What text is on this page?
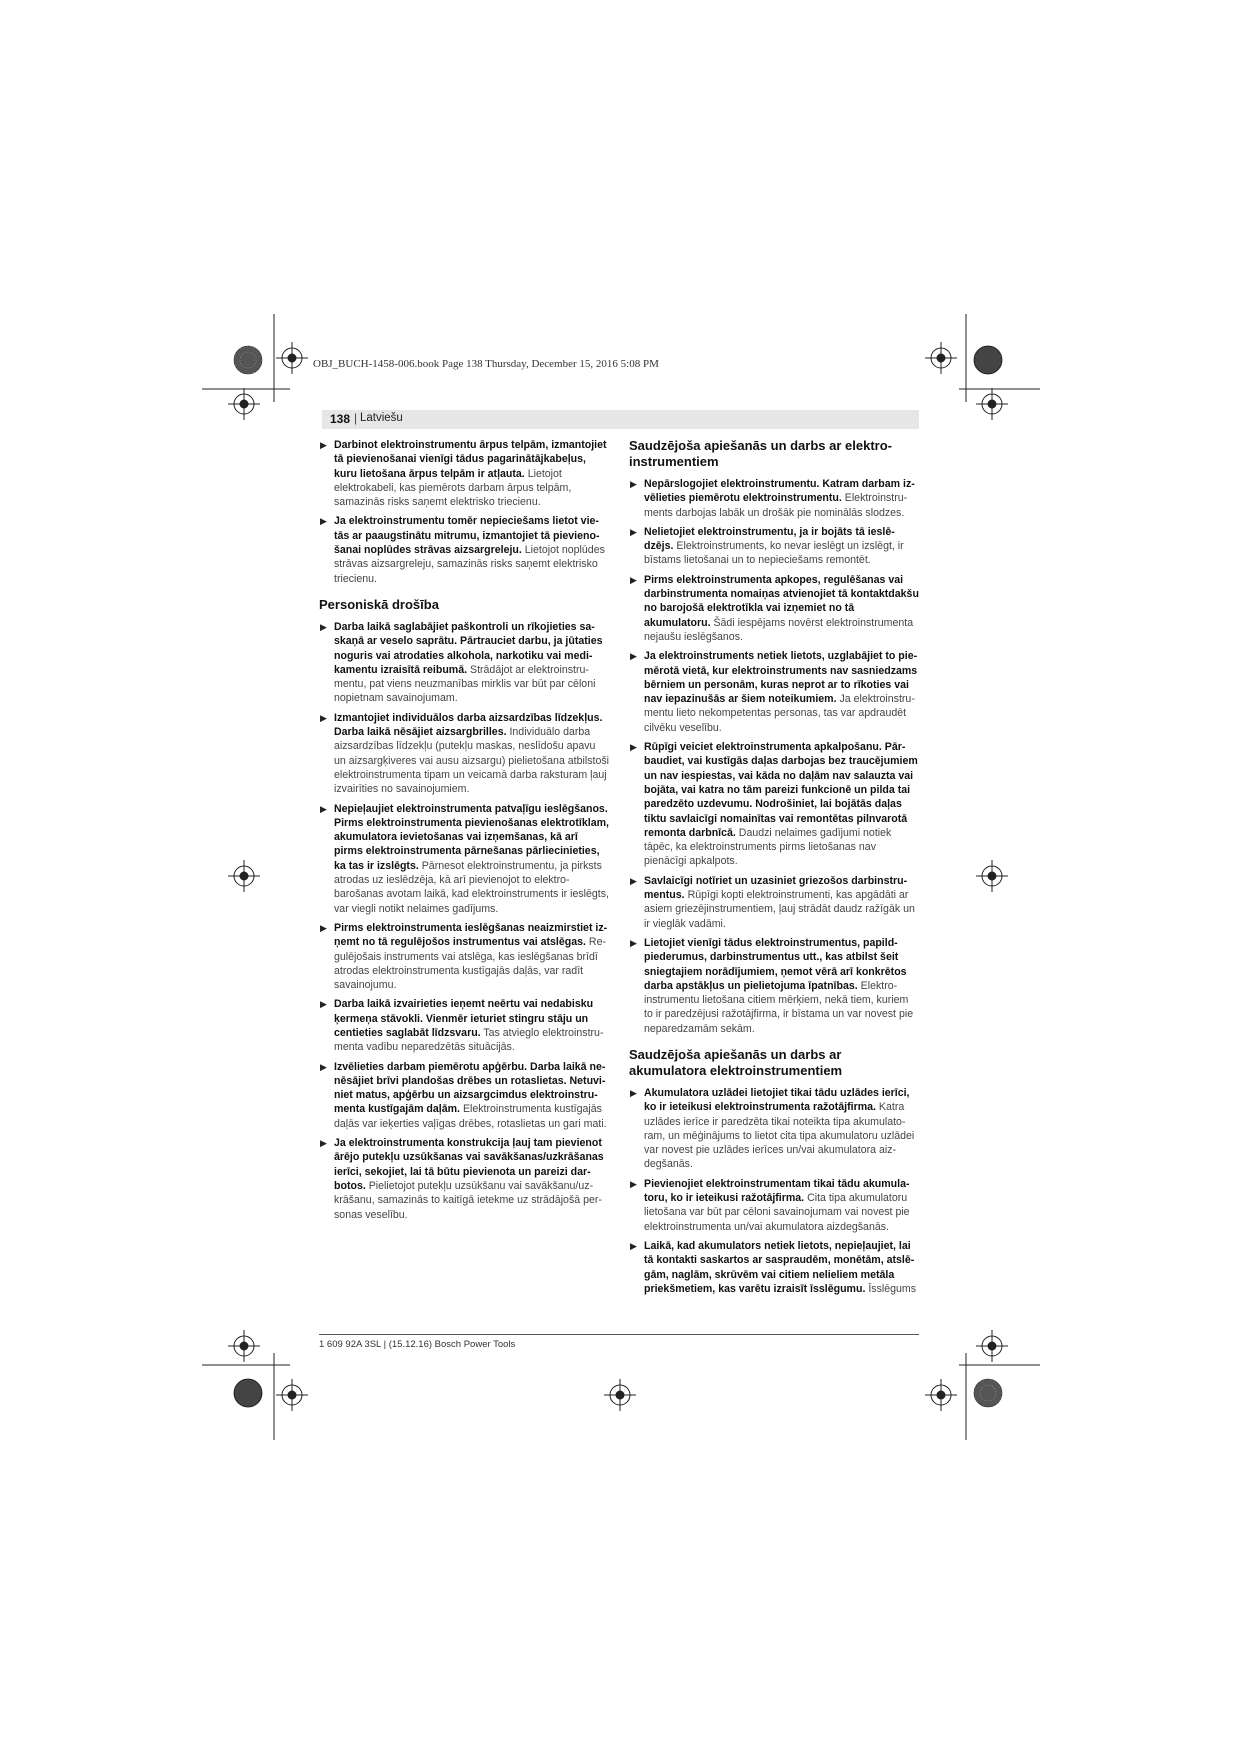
OBJ_BUCH-1458-006.book Page 138 Thursday, December 15, 2016 5:08 PM
138 | Latviešu
▶ Darbinot elektroinstrumentu ārpus telpām, izmantojiet tā pievienošanai vienīgi tādus pagarinātājkabeļus, kuru lietošana ārpus telpām ir atļauta. Lietojot elektrokabeli, kas piemērots darbam ārpus telpām, samazinās risks saņemt elektrisko triecienu.
▶ Ja elektroinstrumentu tomēr nepieciešams lietot vietās ar paaugstinātu mitrumu, izmantojiet tā pievienošanai noplūdes strāvas aizsargreleju. Lietojot noplūdes strāvas aizsargreleju, samazinās risks saņemt elektrisko triecienu.
Personiskā drošība
▶ Darba laikā saglabājiet paškontroli un rīkojieties saskaņā ar veselo saprātu. Pārtrauciet darbu, ja jūtaties noguris vai atrodaties alkohola, narkotiku vai medikamentu izraisītā reibumā. Strādājot ar elektroinstrumentu, pat viens neuzmanības mirklis var būt par cēloni nopietnam savainojumam.
▶ Izmantojiet individuālos darba aizsardzības līdzekļus. Darba laikā nēsājiet aizsargbrilles. Individuālo darba aizsardzības līdzekļu (putekļu maskas, neslīdošu apavu un aizsargķiveres vai ausu aizsargu) pielietošana atbilstoši elektroinstrumenta tipam un veicamā darba raksturam ļauj izvairīties no savainojumiem.
▶ Nepieļaujiet elektroinstrumenta patvaļīgu ieslēgšanos. Pirms elektroinstrumenta pievienošanas elektrotīklam, akumulatora ievietošanas vai izņemšanas, kā arī pirms elektroinstrumenta pārnešanas pārliecinieties, ka tas ir izslēgts. Pārnesot elektroinstrumentu, ja pirksts atrodas uz ieslēdzēja, kā arī pievienojot to elektrobarošanas avotam laikā, kad elektroinstruments ir ieslēgts, var viegli notikt nelaimes gadījums.
▶ Pirms elektroinstrumenta ieslēgšanas neaizmirstiet izņemt no tā regulējošos instrumentus vai atslēgas. Regulējošais instruments vai atslēga, kas ieslēgšanas brīdī atrodas elektroinstrumenta kustīgajās daļās, var radīt savainojumu.
▶ Darba laikā izvairieties ieņemt neērtu vai nedabisku ķermeņa stāvokli. Vienmēr ieturiet stingru stāju un centieties saglabāt līdzsvaru. Tas atvieglo elektroinstrumenta vadību neparedzētās situācijās.
▶ Izvēlieties darbam piemērotu apģērbu. Darba laikā nenēsājiet brīvi plandošas drēbes un rotaslietas. Netuviniet matus, apģērbu un aizsargcimdus elektroinstrumenta kustīgajām daļām. Elektroinstrumenta kustīgajās daļās var ieķerties vaļīgas drēbes, rotaslietas un gari mati.
▶ Ja elektroinstrumenta konstrukcija ļauj tam pievienot ārējo putekļu uzsūkšanas vai savākšanas/uzkrāšanas ierīci, sekojiet, lai tā būtu pievienota un pareizi darbotos. Pielietojot putekļu uzsūkšanu vai savākšanu/uzkrāšanu, samazinās to kaitīgā ietekme uz strādājošā personas veselību.
Saudzējoša apiešanās un darbs ar elektroinstrumentiem
▶ Nepārslogojiet elektroinstrumentu. Katram darbam izvēlieties piemērotu elektroinstrumentu. Elektroinstruments darbojas labāk un drošāk pie nominālās slodzes.
▶ Nelietojiet elektroinstrumentu, ja ir bojāts tā ieslēdzējs. Elektroinstruments, ko nevar ieslēgt un izslēgt, ir bīstams lietošanai un to nepieciešams remontēt.
▶ Pirms elektroinstrumenta apkopes, regulēšanas vai darbinstrumenta nomaiņas atvienojiet tā kontaktdakšu no barojošā elektrotīkla vai izņemiet no tā akumulatoru. Šādi iespējams novērst elektroinstrumenta nejaušu ieslēgšanos.
▶ Ja elektroinstruments netiek lietots, uzglabājiet to piemērotā vietā, kur elektroinstruments nav sasniedzams bērniem un personām, kuras neprot ar to rīkoties vai nav iepazinušās ar šiem noteikumiem. Ja elektroinstrumentu lieto nekompetentas personas, tas var apdraudēt cilvēku veselību.
▶ Rūpīgi veiciet elektroinstrumenta apkalpošanu. Pārbaudiet, vai kustīgās daļas darbojas bez traucējumiem un nav iespiestas, vai kāda no daļām nav salauzta vai bojāta, vai katra no tām pareizi funkcionē un pilda tai paredzēto uzdevumu. Nodrošiniet, lai bojātās daļas tiktu savlaicīgi nomainītas vai remontētas pilnvarotā remonta darbnīcā. Daudzi nelaimes gadījumi notiek tāpēc, ka elektroinstruments pirms lietošanas nav pienācīgi apkalpots.
▶ Savlaicīgi notīriet un uzasiniet griezošos darbinstrumentus. Rūpīgi kopti elektroinstrumenti, kas apgādāti ar asiem griezējinstrumentiem, ļauj strādāt daudz ražīgāk un ir vieglāk vadāmi.
▶ Lietojiet vienīgi tādus elektroinstrumentus, papildpiederumus, darbinstrumentus utt., kas atbilst šeit sniegtajiem norādījumiem, ņemot vērā arī konkrētos darba apstākļus un pielietojuma īpatnības. Elektroinstrumentu lietošana citiem mērķiem, nekā tiem, kuriem to ir paredzējusi ražotājfirma, ir bīstama un var novest pie neparedzamām sekām.
Saudzējoša apiešanās un darbs ar akumulatora elektroinstrumentiem
▶ Akumulatora uzlādei lietojiet tikai tādu uzlādes ierīci, ko ir ieteikusi elektroinstrumenta ražotājfirma. Katra uzlādes ierīce ir paredzēta tikai noteikta tipa akumulatoram, un mēģinājums to lietot cita tipa akumulatoru uzlādei var novest pie uzlādes ierīces un/vai akumulatora aizdegšanās.
▶ Pievienojiet elektroinstrumentam tikai tādu akumulatoru, ko ir ieteikusi ražotājfirma. Cita tipa akumulatoru lietošana var būt par cēloni savainojumam vai novest pie elektroinstrumenta un/vai akumulatora aizdegšanās.
▶ Laikā, kad akumulators netiek lietots, nepieļaujiet, lai tā kontakti saskartos ar saspraudēm, monētām, atslēgām, naglām, skrūvēm vai citiem nelieliem metāla priekšmetiem, kas varētu izraisīt īsslēgumu. Īsslēgums
1 609 92A 3SL | (15.12.16) Bosch Power Tools
